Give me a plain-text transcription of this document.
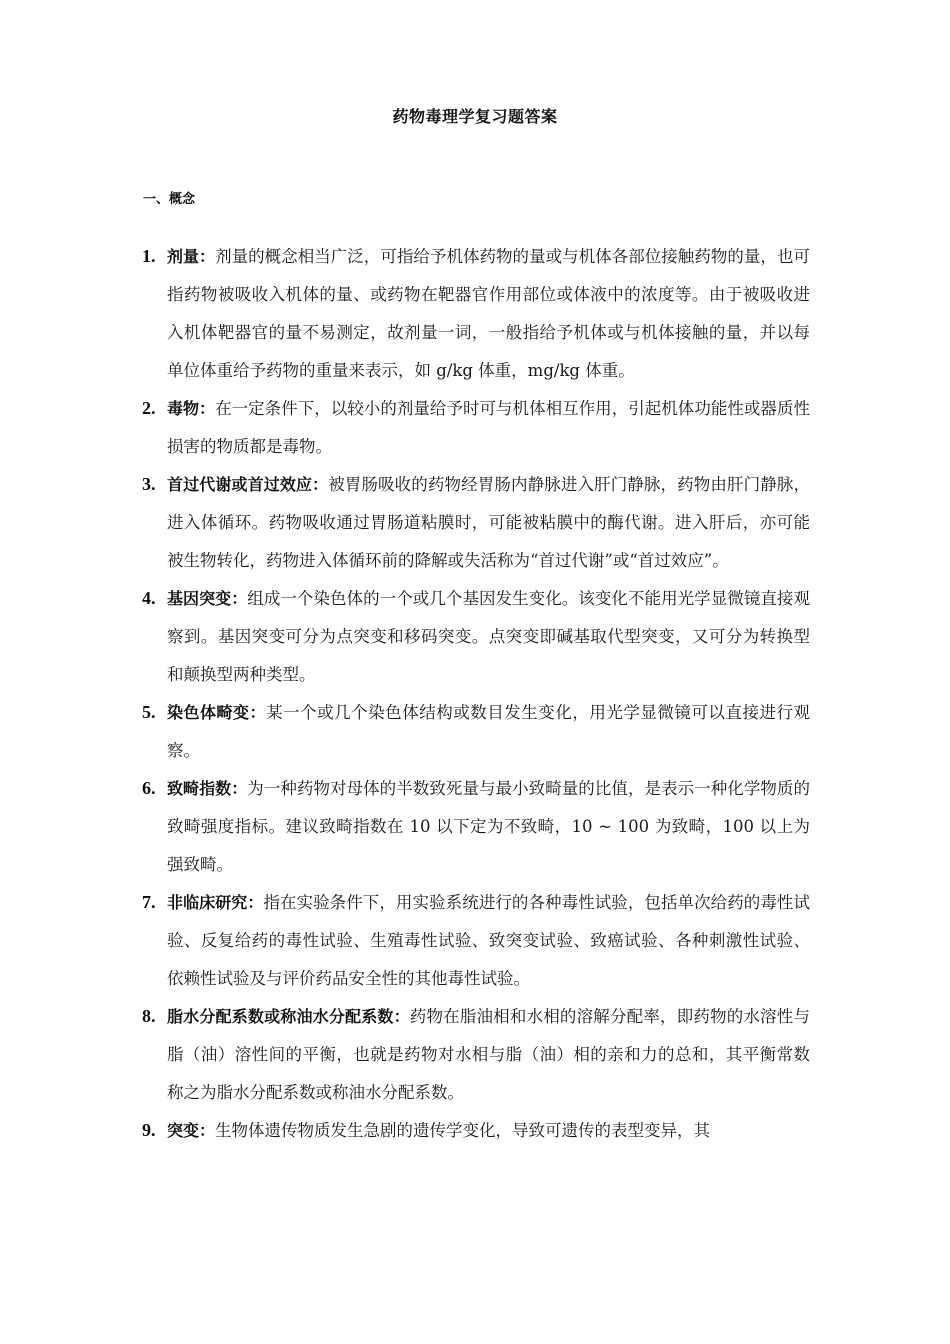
药物毒理学复习题答案
一、概念
1. 剂量：剂量的概念相当广泛，可指给予机体药物的量或与机体各部位接触药物的量，也可指药物被吸收入机体的量、或药物在靶器官作用部位或体液中的浓度等。由于被吸收进入机体靶器官的量不易测定，故剂量一词，一般指给予机体或与机体接触的量，并以每单位体重给予药物的重量来表示，如 g/kg 体重，mg/kg 体重。
2. 毒物：在一定条件下，以较小的剂量给予时可与机体相互作用，引起机体功能性或器质性损害的物质都是毒物。
3. 首过代谢或首过效应：被胃肠吸收的药物经胃肠内静脉进入肝门静脉，药物由肝门静脉，进入体循环。药物吸收通过胃肠道粘膜时，可能被粘膜中的酶代谢。进入肝后，亦可能被生物转化，药物进入体循环前的降解或失活称为“首过代谢”或“首过效应”。
4. 基因突变：组成一个染色体的一个或几个基因发生变化。该变化不能用光学显微镜直接观察到。基因突变可分为点突变和移码突变。点突变即碱基取代型突变，又可分为转换型和颠换型两种类型。
5. 染色体畸变：某一个或几个染色体结构或数目发生变化，用光学显微镜可以直接进行观察。
6. 致畸指数：为一种药物对母体的半数致死量与最小致畸量的比值，是表示一种化学物质的致畸强度指标。建议致畸指数在 10 以下定为不致畸，10 ~ 100 为致畸，100 以上为强致畸。
7. 非临床研究：指在实验条件下，用实验系统进行的各种毒性试验，包括单次给药的毒性试验、反复给药的毒性试验、生殖毒性试验、致突变试验、致癌试验、各种刺激性试验、依赖性试验及与评价药品安全性的其他毒性试验。
8. 脂水分配系数或称油水分配系数：药物在脂油相和水相的溶解分配率，即药物的水溶性与脂（油）溶性间的平衡，也就是药物对水相与脂（油）相的亲和力的总和，其平衡常数称之为脂水分配系数或称油水分配系数。
9. 突变：生物体遗传物质发生急剧的遗传学变化，导致可遗传的表型变异，其
